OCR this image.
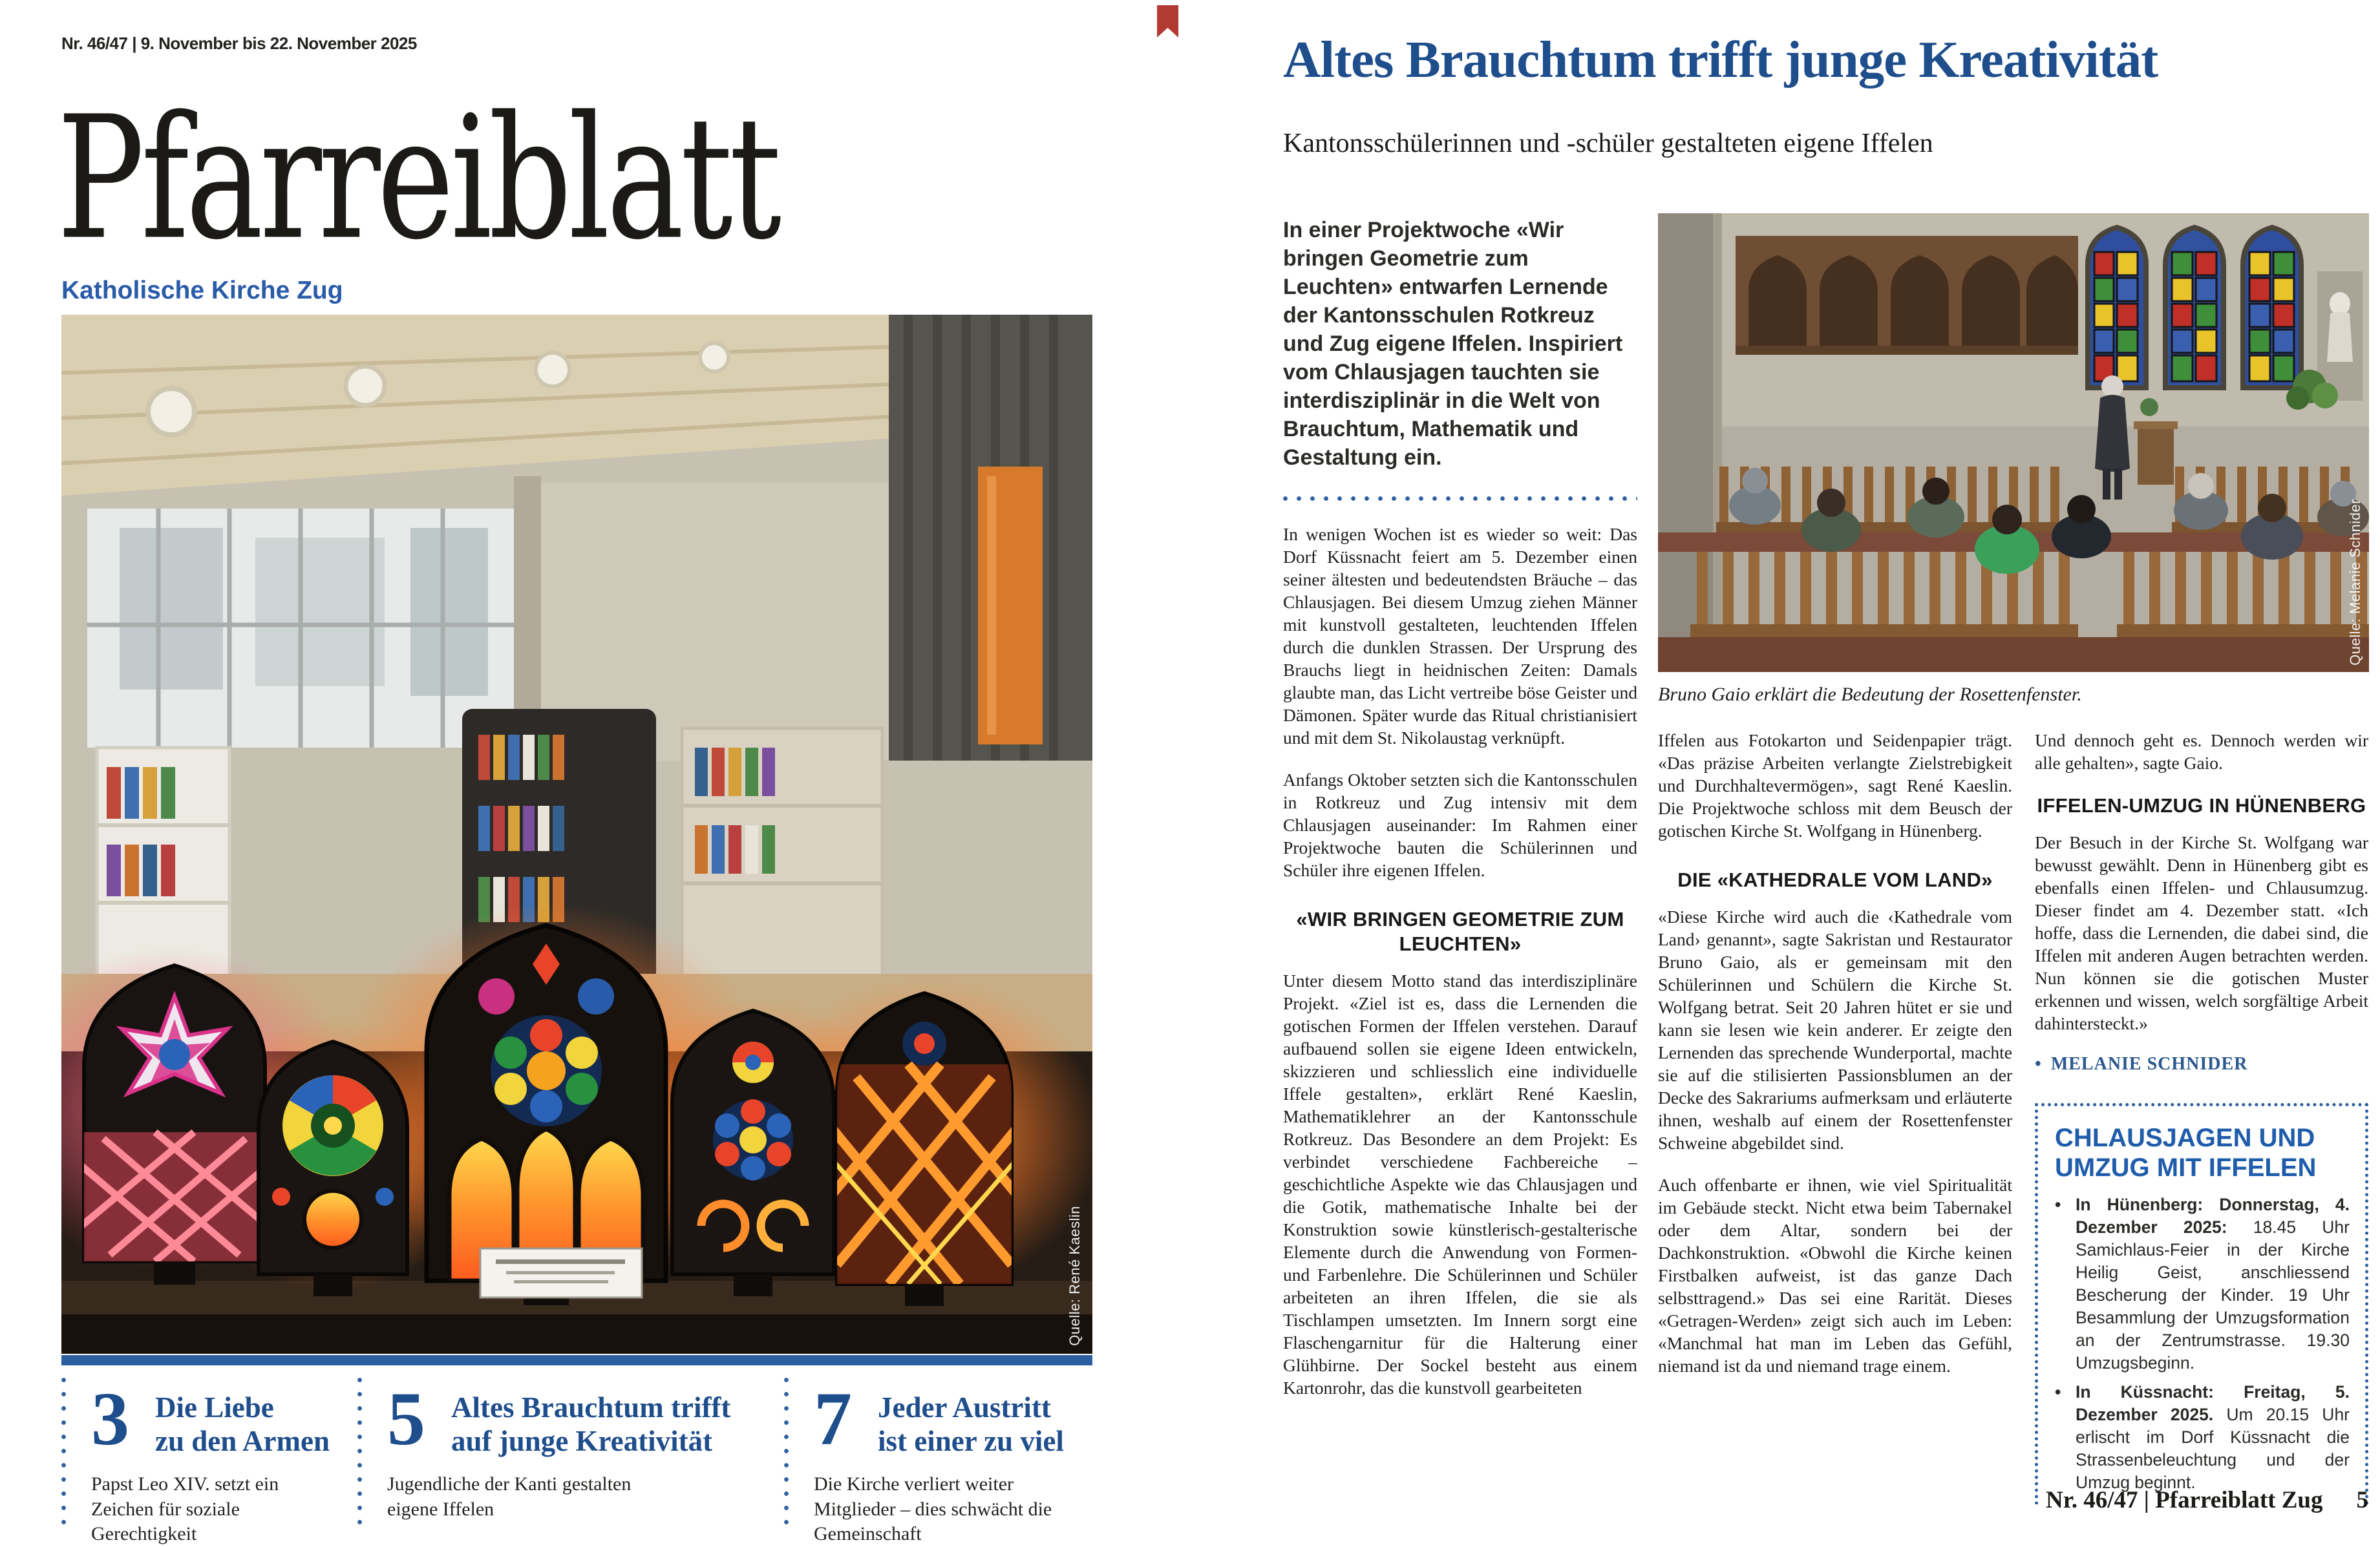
Nr. 46/47 | 9. November bis 22. November 2025
Pfarreiblatt
Katholische Kirche Zug
Quelle: René Kaeslin
3 Die Liebe
zu den Armen
Papst Leo XIV. setzt ein Zeichen für soziale Gerechtigkeit
5 Altes Brauchtum trifft
auf junge Kreativität
Jugendliche der Kanti gestalten eigene Iffelen
7 Jeder Austritt
ist einer zu viel
Die Kirche verliert weiter Mitglieder – dies schwächt die Gemeinschaft
Altes Brauchtum trifft junge Kreativität
Kantonsschülerinnen und -schüler gestalteten eigene Iffelen

In einer Projektwoche «Wir bringen Geometrie zum Leuchten» entwarfen Lernende der Kantonsschulen Rotkreuz und Zug eigene Iffelen. Inspiriert vom Chlausjagen tauchten sie interdisziplinär in die Welt von Brauchtum, Mathematik und Gestaltung ein.

In wenigen Wochen ist es wieder so weit: Das Dorf Küssnacht feiert am 5. Dezember einen seiner ältesten und bedeutendsten Bräuche – das Chlausjagen. Bei diesem Umzug ziehen Männer mit kunstvoll gestalteten, leuchtenden Iffelen durch die dunklen Strassen. Der Ursprung des Brauchs liegt in heidnischen Zeiten: Damals glaubte man, das Licht vertreibe böse Geister und Dämonen. Später wurde das Ritual christianisiert und mit dem St. Nikolaustag verknüpft.

Anfangs Oktober setzten sich die Kantonsschulen in Rotkreuz und Zug intensiv mit dem Chlausjagen auseinander: Im Rahmen einer Projektwoche bauten die Schülerinnen und Schüler ihre eigenen Iffelen.

«WIR BRINGEN GEOMETRIE ZUM LEUCHTEN»

Unter diesem Motto stand das interdisziplinäre Projekt. «Ziel ist es, dass die Lernenden die gotischen Formen der Iffelen verstehen. Darauf aufbauend sollen sie eigene Ideen entwickeln, skizzieren und schliesslich eine individuelle Iffele gestalten», erklärt René Kaeslin, Mathematiklehrer an der Kantonsschule Rotkreuz. Das Besondere an dem Projekt: Es verbindet verschiedene Fachbereiche – geschichtliche Aspekte wie das Chlausjagen und die Gotik, mathematische Inhalte bei der Konstruktion sowie künstlerisch-gestalterische Elemente durch die Anwendung von Formen- und Farbenlehre. Die Schülerinnen und Schüler arbeiteten an ihren Iffelen, die sie als Tischlampen umsetzten. Im Innern sorgt eine Flaschengarnitur für die Halterung einer Glühbirne. Der Sockel besteht aus einem Kartonrohr, das die kunstvoll gearbeiteten

Quelle: Melanie Schnider
Bruno Gaio erklärt die Bedeutung der Rosettenfenster.

Iffelen aus Fotokarton und Seidenpapier trägt. «Das präzise Arbeiten verlangte Zielstrebigkeit und Durchhaltevermögen», sagt René Kaeslin. Die Projektwoche schloss mit dem Beusch der gotischen Kirche St. Wolfgang in Hünenberg.

DIE «KATHEDRALE VOM LAND»

«Diese Kirche wird auch die ‹Kathedrale vom Land› genannt», sagte Sakristan und Restaurator Bruno Gaio, als er gemeinsam mit den Schülerinnen und Schülern die Kirche St. Wolfgang betrat. Seit 20 Jahren hütet er sie und kann sie lesen wie kein anderer. Er zeigte den Lernenden das sprechende Wunderportal, machte sie auf die stilisierten Passionsblumen an der Decke des Sakrariums aufmerksam und erläuterte ihnen, weshalb auf einem der Rosettenfenster Schweine abgebildet sind.

Auch offenbarte er ihnen, wie viel Spiritualität im Gebäude steckt. Nicht etwa beim Tabernakel oder dem Altar, sondern bei der Dachkonstruktion. «Obwohl die Kirche keinen Firstbalken aufweist, ist das ganze Dach selbsttragend.» Das sei eine Rarität. Dieses «Getragen-Werden» zeigt sich auch im Leben: «Manchmal hat man im Leben das Gefühl, niemand ist da und niemand trage einem.

Und dennoch geht es. Dennoch werden wir alle gehalten», sagte Gaio.

IFFELEN-UMZUG IN HÜNENBERG

Der Besuch in der Kirche St. Wolfgang war bewusst gewählt. Denn in Hünenberg gibt es ebenfalls einen Iffelen- und Chlausumzug. Dieser findet am 4. Dezember statt. «Ich hoffe, dass die Lernenden, die dabei sind, die Iffelen mit anderen Augen betrachten werden. Nun können sie die gotischen Muster erkennen und wissen, welch sorgfältige Arbeit dahintersteckt.»

• MELANIE SCHNIDER
CHLAUSJAGEN UND UMZUG MIT IFFELEN
• In Hünenberg: Donnerstag, 4. Dezember 2025: 18.45 Uhr Samichlaus-Feier in der Kirche Heilig Geist, anschliessend Bescherung der Kinder. 19 Uhr Besammlung der Umzugsformation an der Zentrumstrasse. 19.30 Umzugsbeginn.
• In Küssnacht: Freitag, 5. Dezember 2025. Um 20.15 Uhr erlischt im Dorf Küssnacht die Strassenbeleuchtung und der Umzug beginnt.
Nr. 46/47 | Pfarreiblatt Zug 5
